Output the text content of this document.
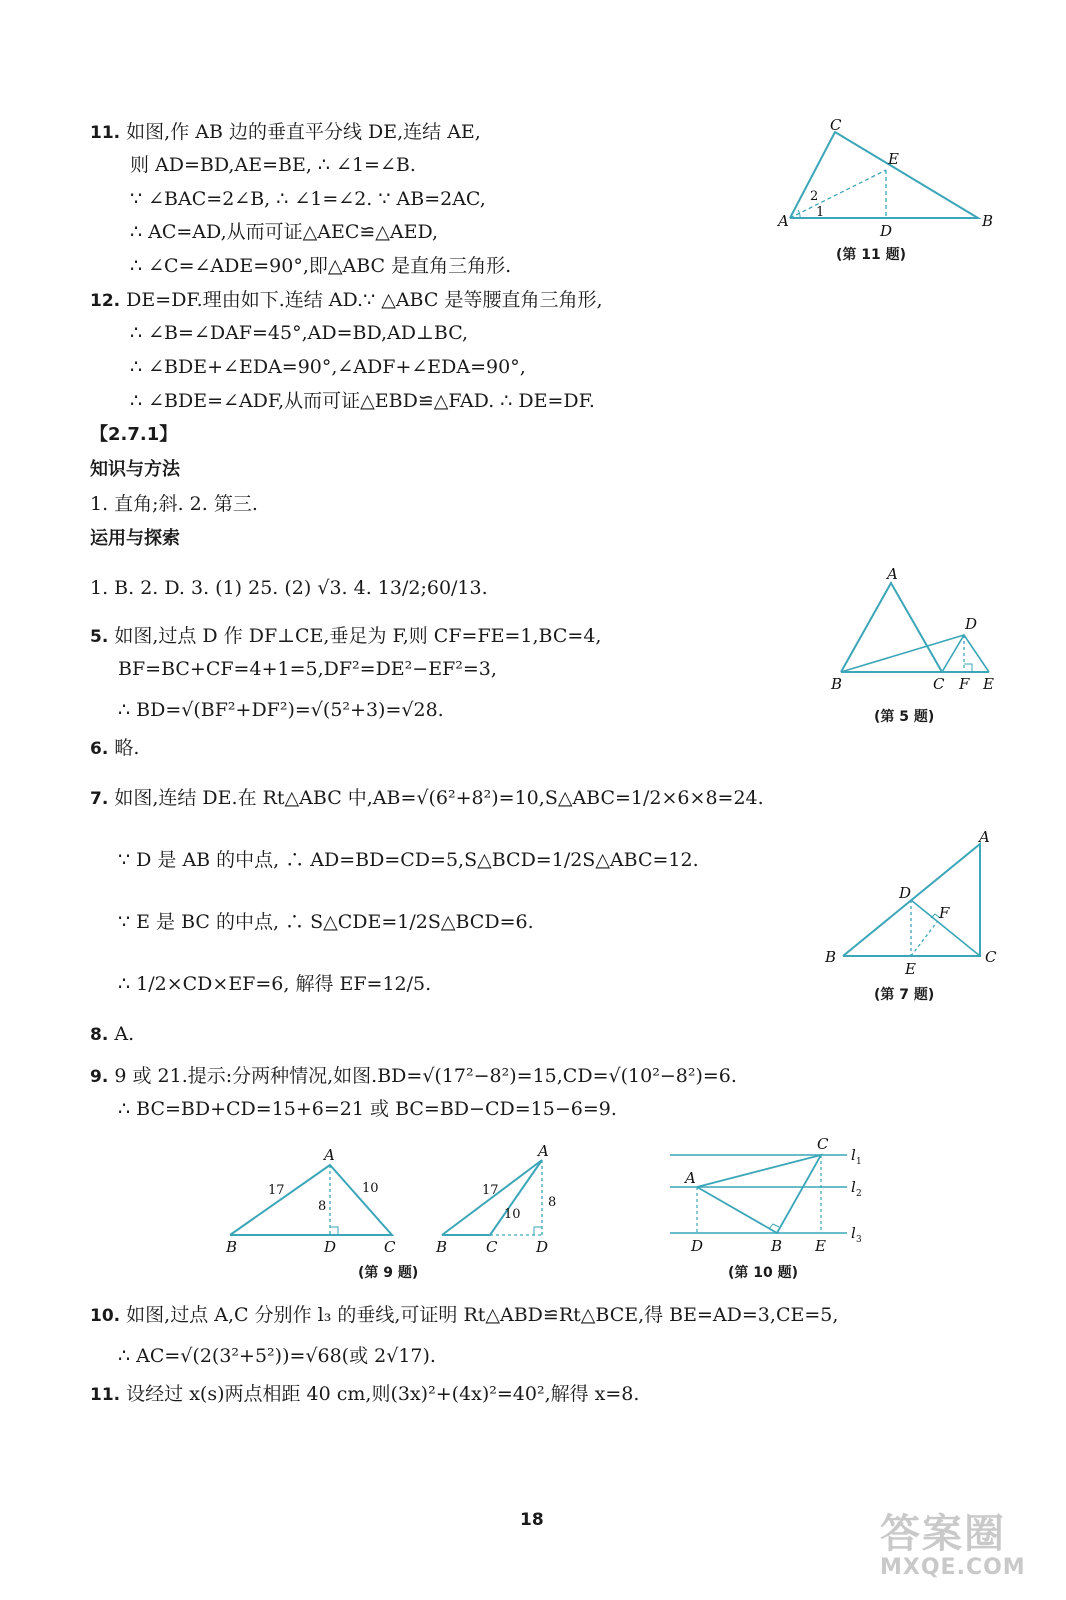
11. 如图,作 AB 边的垂直平分线 DE,连结 AE,
则 AD=BD,AE=BE, ∴ ∠1=∠B.
∵ ∠BAC=2∠B, ∴ ∠1=∠2. ∵ AB=2AC,
∴ AC=AD,从而可证△AEC≌△AED,
∴ ∠C=∠ADE=90°,即△ABC 是直角三角形.
12. DE=DF.理由如下.连结 AD.∵ △ABC 是等腰直角三角形,
∴ ∠B=∠DAF=45°,AD=BD,AD⊥BC,
∴ ∠BDE+∠EDA=90°,∠ADF+∠EDA=90°,
∴ ∠BDE=∠ADF,从而可证△EBD≌△FAD. ∴ DE=DF.
【2.7.1】
知识与方法
1. 直角;斜. 2. 第三.
运用与探索
1. B. 2. D. 3. (1) 25. (2) √3. 4. 13/2;60/13.
5. 如图,过点 D 作 DF⊥CE,垂足为 F,则 CF=FE=1,BC=4,
BF=BC+CF=4+1=5,DF²=DE²−EF²=3,
∴ BD=√(BF²+DF²)=√(5²+3)=√28.
6. 略.
7. 如图,连结 DE.在 Rt△ABC 中,AB=√(6²+8²)=10,S△ABC=1/2×6×8=24.
∵ D 是 AB 的中点, ∴ AD=BD=CD=5,S△BCD=1/2S△ABC=12.
∵ E 是 BC 的中点, ∴ S△CDE=1/2S△BCD=6.
∴ 1/2×CD×EF=6, 解得 EF=12/5.
8. A.
9. 9 或 21.提示:分两种情况,如图.BD=√(17²−8²)=15,CD=√(10²−8²)=6.
∴ BC=BD+CD=15+6=21 或 BC=BD−CD=15−6=9.
10. 如图,过点 A,C 分别作 l₃ 的垂线,可证明 Rt△ABD≌Rt△BCE,得 BE=AD=3,CE=5,
∴ AC=√(2(3²+5²))=√68(或 2√17).
11. 设经过 x(s)两点相距 40 cm,则(3x)²+(4x)²=40²,解得 x=8.
C
E
A	B
D
2
1
(第 11 题)
A
D
B	C F E
(第 5 题)
A
D
F
B	C
E
(第 7 题)
A
17	10
8
B	D	C
A
17
10
8
B	C	D
(第 9 题)
C
A
l 1
l 2
l 3
D	B E
(第 10 题)
18	答案圈
MXQE.COM
